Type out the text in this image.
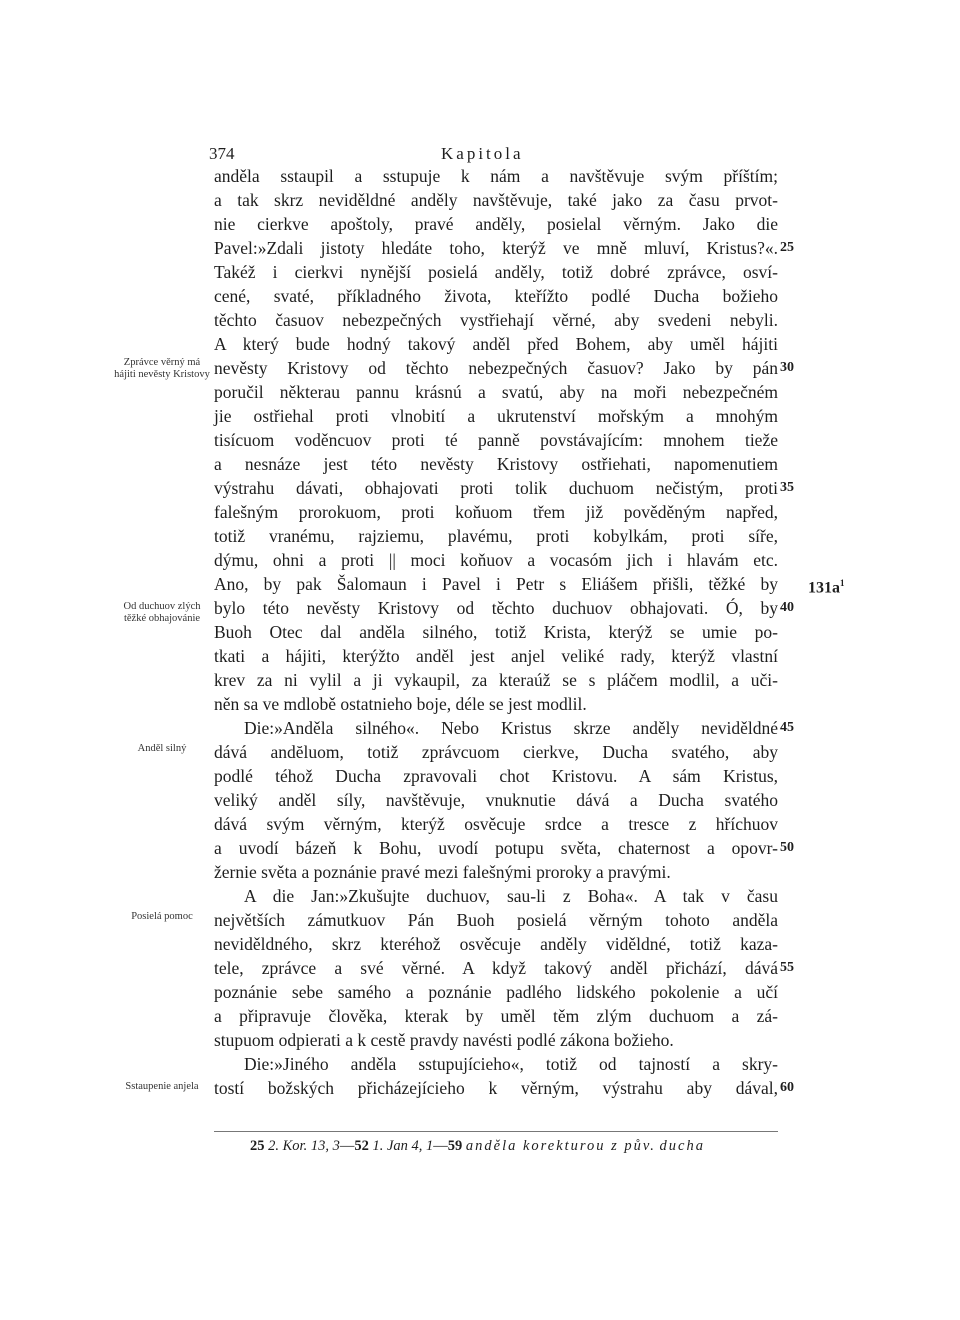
374	Kapitola
anděla sstaupil a sstupuje k nám a navštěvuje svým příštím;
a tak skrz neviděldné anděly navštěvuje, také jako za času prvot-
nie cierkve apoštoly, pravé anděly, posielal věrným. Jako die
Pavel:»Zdali jistoty hledáte toho, kterýž ve mně mluví, Kristus?«.
Takéž i cierkvi nynější posielá anděly, totiž dobré zprávce, osví-
cené, svaté, příkladného života, kteřížto podlé Ducha božieho
těchto časuov nebezpečných vystřiehají věrné, aby svedeni nebyli.
A který bude hodný takový anděl před Bohem, aby uměl hájiti
nevěsty Kristovy od těchto nebezpečných časuov? Jako by pán
poručil některau pannu krásnú a svatú, aby na moři nebezpečném
jie ostřiehal proti vlnobití a ukrutenství mořským a mnohým
tisícuom voděncuov proti té panně povstávajícím: mnohem tieže
a nesnáze jest této nevěsty Kristovy ostřiehati, napomenutiem
výstrahu dávati, obhajovati proti tolik duchuom nečistým, proti
falešným prorokuom, proti koňuom třem již pověděným napřed,
totiž vranému, rajziemu, plavému, proti kobylkám, proti síře,
dýmu, ohni a proti || moci koňuov a vocasóm jich i hlavám etc.
Ano, by pak Šalomaun i Pavel i Petr s Eliášem přišli, těžké by
bylo této nevěsty Kristovy od těchto duchuov obhajovati. Ó, by
Buoh Otec dal anděla silného, totiž Krista, kterýž se umie po-
tkati a hájiti, kterýžto anděl jest anjel veliké rady, kterýž vlastní
krev za ni vylil a ji vykaupil, za kteraúž se s pláčem modlil, a uči-
něn sa ve mdlobě ostatnieho boje, déle se jest modlil.
Die:»Anděla silného«. Nebo Kristus skrze anděly neviděldné
dává andĕluom, totiž zprávcuom cierkve, Ducha svatého, aby
podlé téhož Ducha zpravovali chot Kristovu. A sám Kristus,
veliký anděl síly, navštěvuje, vnuknutie dává a Ducha svatého
dává svým věrným, kterýž osvěcuje srdce a tresce z hříchuov
a uvodí bázeň k Bohu, uvodí potupu světa, chaternost a opovr-
žernie světa a poznánie pravé mezi falešnými proroky a pravými.
A die Jan:»Zkušujte duchuov, sau-li z Boha«. A tak v času
největších zámutkuov Pán Buoh posielá věrným tohoto anděla
neviděldného, skrz kteréhož osvěcuje anděly viděldné, totiž kaza-
tele, zprávce a své věrné. A když takový anděl přichází, dává
poznánie sebe samého a poznánie padlého lidského pokolenie a učí
a připravuje člověka, kterak by uměl těm zlým duchuom a zá-
stupuom odpierati a k cestě pravdy navésti podlé zákona božieho.
Die:»Jiného anděla sstupujícieho«, totiž od tajností a skry-
tostí božských přicházejícieho k věrným, výstrahu aby dával,
25
30
35
40
45
50
55
60
$131a^1$
Zprávce věrný má hájiti nevěsty Kristovy
Od duchuov zlých těžké obhajovánie
Anděl silný
Posielá pomoc
Sstaupenie anjela
25 2. Kor. 13, 3—52 1. Jan 4, 1—59 anděla korekturou z pův. ducha
